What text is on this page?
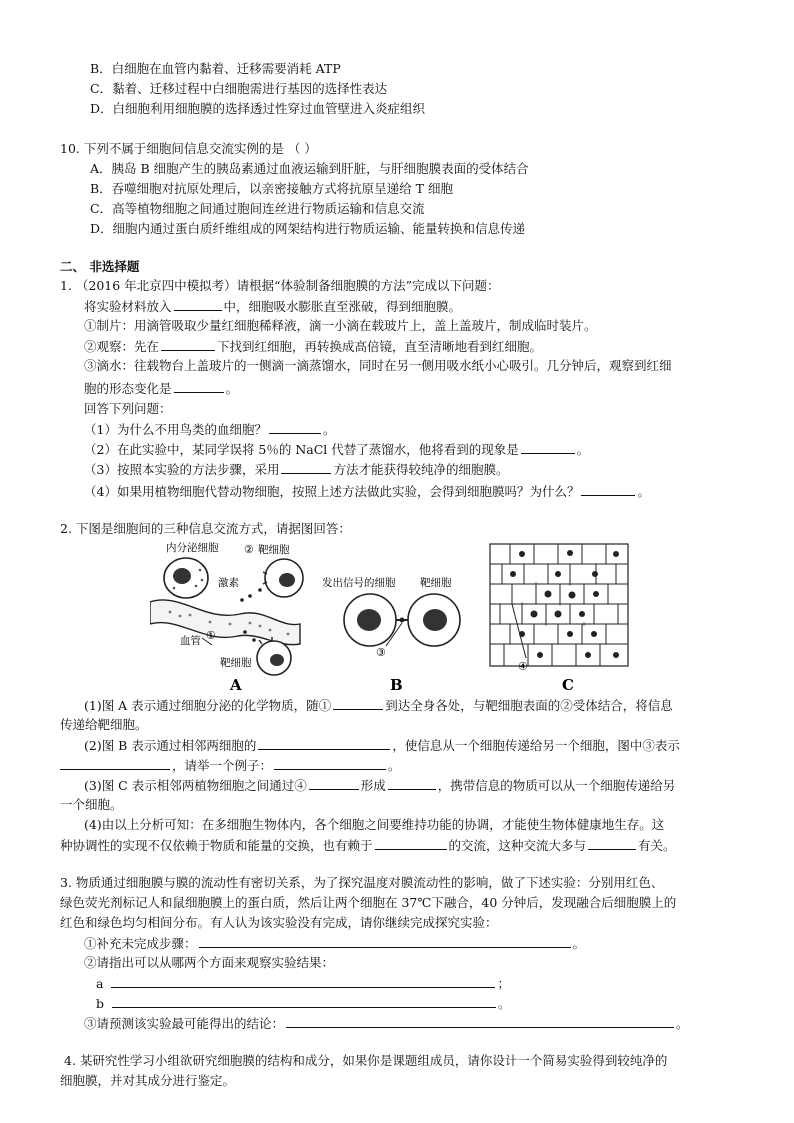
B．白细胞在血管内黏着、迁移需要消耗 ATP
C．黏着、迁移过程中白细胞需进行基因的选择性表达
D．白细胞利用细胞膜的选择透过性穿过血管壁进入炎症组织
10. 下列不属于细胞间信息交流实例的是 （ ）
A．胰岛 B 细胞产生的胰岛素通过血液运输到肝脏，与肝细胞膜表面的受体结合
B．吞噬细胞对抗原处理后，以亲密接触方式将抗原呈递给 T 细胞
C．高等植物细胞之间通过胞间连丝进行物质运输和信息交流
D．细胞内通过蛋白质纤维组成的网架结构进行物质运输、能量转换和信息传递
二、 非选择题
1. （2016 年北京四中模拟考）请根据“体验制备细胞膜的方法”完成以下问题：
将实验材料放入	中，细胞吸水膨胀直至涨破，得到细胞膜。
①制片：用滴管吸取少量红细胞稀释液，滴一小滴在载玻片上，盖上盖玻片，制成临时装片。
②观察：先在	下找到红细胞，再转换成高倍镜，直至清晰地看到红细胞。
③滴水：往载物台上盖玻片的一侧滴一滴蒸馏水，同时在另一侧用吸水纸小心吸引。几分钟后，观察到红细
胞的形态变化是	。
回答下列问题：
（1）为什么不用鸟类的血细胞？	。
（2）在此实验中，某同学误将 5％的 NaCl 代替了蒸馏水，他将看到的现象是	。
（3）按照本实验的方法步骤，采用	方法才能获得较纯净的细胞膜。
（4）如果用植物细胞代替动物细胞，按照上述方法做此实验，会得到细胞膜吗？为什么？	。
2. 下图是细胞间的三种信息交流方式，请据图回答：
内分泌细胞 ② 靶细胞
激素
血管 ①
靶细胞
发出信号的细胞 靶细胞
③
④
A	B	C
(1)图 A 表示通过细胞分泌的化学物质，随①	到达全身各处，与靶细胞表面的②受体结合，将信息
传递给靶细胞。
(2)图 B 表示通过相邻两细胞的	，使信息从一个细胞传递给另一个细胞，图中③表示
，请举一个例子：	。
(3)图 C 表示相邻两植物细胞之间通过④	形成	，携带信息的物质可以从一个细胞传递给另
一个细胞。
(4)由以上分析可知：在多细胞生物体内，各个细胞之间要维持功能的协调，才能使生物体健康地生存。这
种协调性的实现不仅依赖于物质和能量的交换，也有赖于	的交流，这种交流大多与	有关。
3. 物质通过细胞膜与膜的流动性有密切关系，为了探究温度对膜流动性的影响，做了下述实验：分别用红色、
绿色荧光剂标记人和鼠细胞膜上的蛋白质，然后让两个细胞在 37℃下融合，40 分钟后，发现融合后细胞膜上的
红色和绿色均匀相间分布。有人认为该实验没有完成，请你继续完成探究实验：
①补充未完成步骤：	。
②请指出可以从哪两个方面来观察实验结果：
a	；
b	。
③请预测该实验最可能得出的结论：	。
4. 某研究性学习小组欲研究细胞膜的结构和成分，如果你是课题组成员，请你设计一个简易实验得到较纯净的
细胞膜，并对其成分进行鉴定。
